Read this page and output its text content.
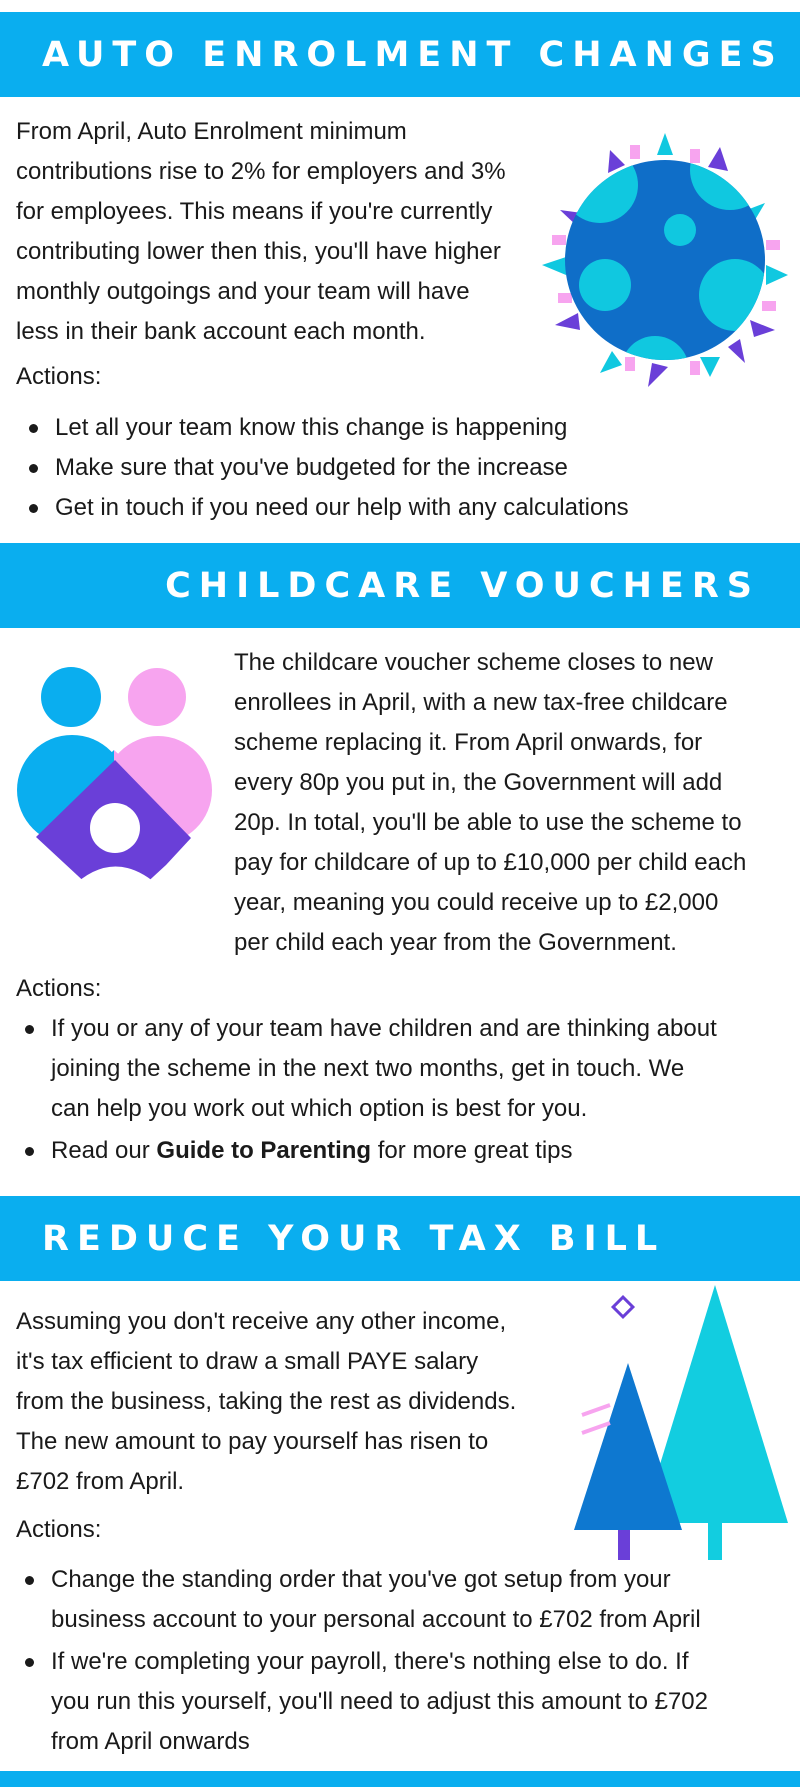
AUTO ENROLMENT CHANGES
From April, Auto Enrolment minimum
contributions rise to 2% for employers and 3%
for employees. This means if you're currently
contributing lower then this, you'll have higher
monthly outgoings and your team will have
less in their bank account each month.
Actions:
Let all your team know this change is happening
Make sure that you've budgeted for the increase
Get in touch if you need our help with any calculations
CHILDCARE VOUCHERS
The childcare voucher scheme closes to new
enrollees in April, with a new tax-free childcare
scheme replacing it. From April onwards, for
every 80p you put in, the Government will add
20p. In total, you'll be able to use the scheme to
pay for childcare of up to £10,000 per child each
year, meaning you could receive up to £2,000
per child each year from the Government.
Actions:
If you or any of your team have children and are thinking about
joining the scheme in the next two months, get in touch. We
can help you work out which option is best for you.
Read our Guide to Parenting for more great tips
REDUCE YOUR TAX BILL
Assuming you don't receive any other income,
it's tax efficient to draw a small PAYE salary
from the business, taking the rest as dividends.
The new amount to pay yourself has risen to
£702 from April.
Actions:
Change the standing order that you've got setup from your
business account to your personal account to £702 from April
If we're completing your payroll, there's nothing else to do. If
you run this yourself, you'll need to adjust this amount to £702
from April onwards
